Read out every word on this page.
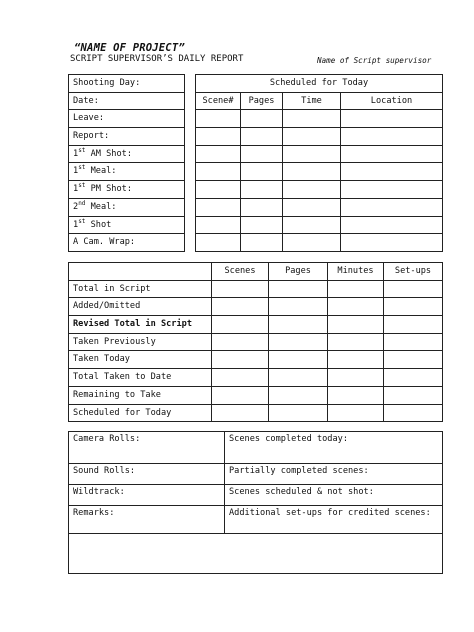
“NAME OF PROJECT”
SCRIPT SUPERVISOR’S DAILY REPORT	Name of Script supervisor
Shooting Day:
Date:
Leave:
Report:
1st AM Shot:
1st Meal:
1st PM Shot:
2nd Meal:
1st Shot
A Cam. Wrap:
Scheduled for Today			
Scene#	Pages	Time	Location

	Scenes	Pages	Minutes	Set-ups
Total in Script				
Added/Omitted				
Revised Total in Script				
Taken Previously				
Taken Today				
Total Taken to Date				
Remaining to Take				
Scheduled for Today				
Camera Rolls:	Scenes completed today:
Sound Rolls:	Partially completed scenes:
Wildtrack:	Scenes scheduled & not shot:
Remarks:	Additional set-ups for credited scenes:
